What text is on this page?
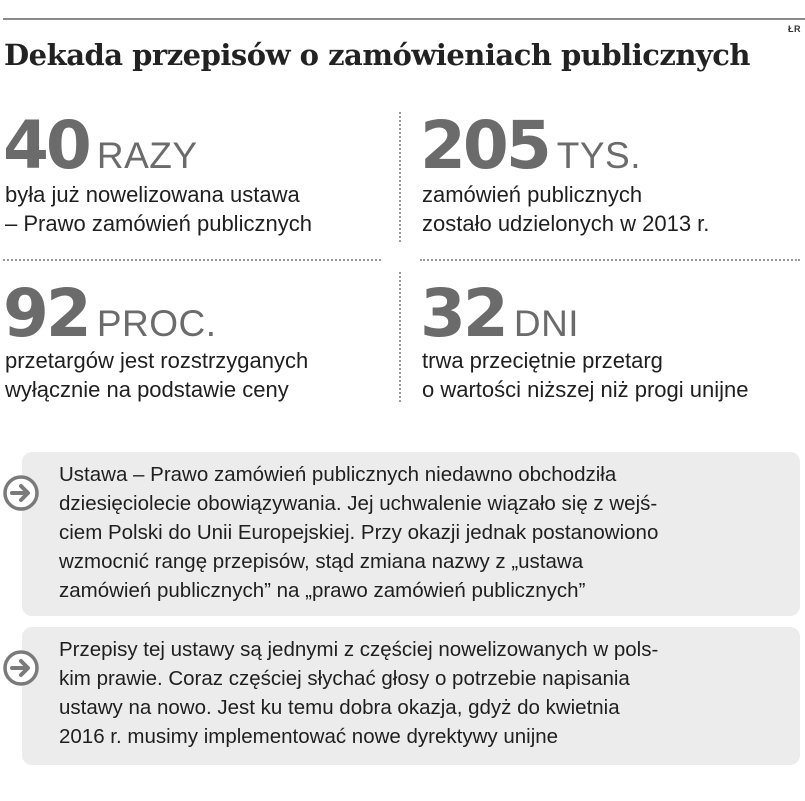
ŁR
Dekada przepisów o zamówieniach publicznych
40 RAZY
była już nowelizowana ustawa
– Prawo zamówień publicznych
205 TYS.
zamówień publicznych
zostało udzielonych w 2013 r.
92 PROC.
przetargów jest rozstrzyganych
wyłącznie na podstawie ceny
32 DNI
trwa przeciętnie przetarg
o wartości niższej niż progi unijne
Ustawa – Prawo zamówień publicznych niedawno obchodziła
dziesięciolecie obowiązywania. Jej uchwalenie wiązało się z wejś-
ciem Polski do Unii Europejskiej. Przy okazji jednak postanowiono
wzmocnić rangę przepisów, stąd zmiana nazwy z „ustawa
zamówień publicznych” na „prawo zamówień publicznych”
Przepisy tej ustawy są jednymi z częściej nowelizowanych w pols-
kim prawie. Coraz częściej słychać głosy o potrzebie napisania
ustawy na nowo. Jest ku temu dobra okazja, gdyż do kwietnia
2016 r. musimy implementować nowe dyrektywy unijne
